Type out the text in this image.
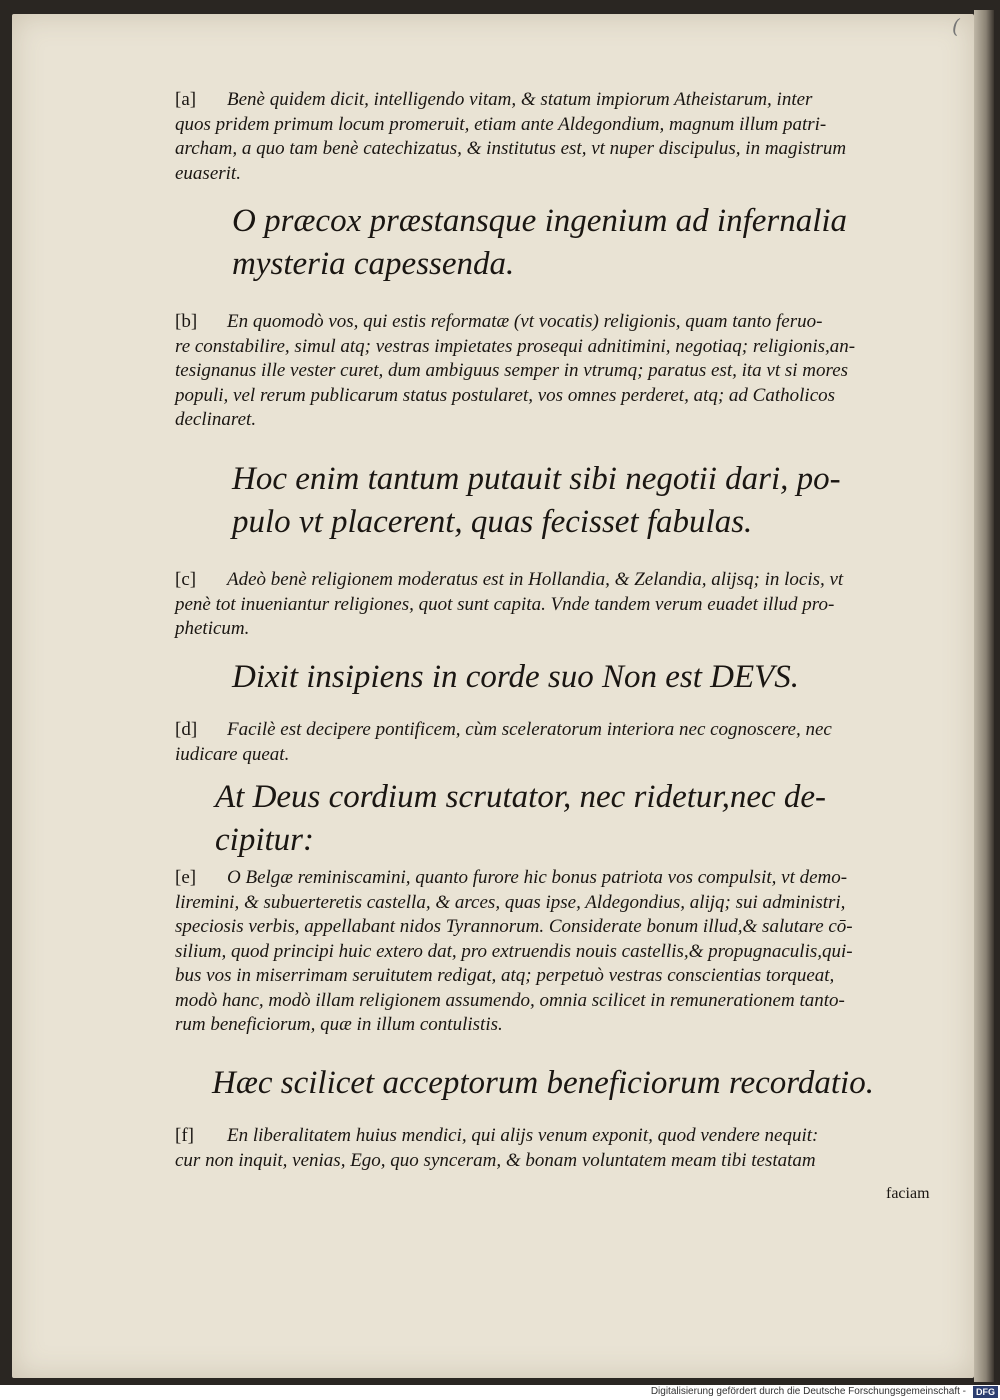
(
[a] Benè quidem dicit, intelligendo vitam, & statum impiorum Atheistarum, inter
quos pridem primum locum promeruit, etiam ante Aldegondium, magnum illum patri-
archam, a quo tam benè catechizatus, & institutus est, vt nuper discipulus, in magistrum
euaserit.
O præcox præstansque ingenium ad infernalia
mysteria capessenda.
[b] En quomodò vos, qui estis reformatæ (vt vocatis) religionis, quam tanto feruo-
re constabilire, simul atq; vestras impietates prosequi adnitimini, negotiaq; religionis,an-
tesignanus ille vester curet, dum ambiguus semper in vtrumq; paratus est, ita vt si mores
populi, vel rerum publicarum status postularet, vos omnes perderet, atq; ad Catholicos
declinaret.
Hoc enim tantum putauit sibi negotii dari, po-
pulo vt placerent, quas fecisset fabulas.
[c] Adeò benè religionem moderatus est in Hollandia, & Zelandia, alijsq; in locis, vt
penè tot inueniantur religiones, quot sunt capita. Vnde tandem verum euadet illud pro-
pheticum.
Dixit insipiens in corde suo Non est DEVS.
[d] Facilè est decipere pontificem, cùm sceleratorum interiora nec cognoscere, nec
iudicare queat.
At Deus cordium scrutator, nec ridetur,nec de-
cipitur:
[e] O Belgæ reminiscamini, quanto furore hic bonus patriota vos compulsit, vt demo-
liremini, & subuerteretis castella, & arces, quas ipse, Aldegondius, alijq; sui administri,
speciosis verbis, appellabant nidos Tyrannorum. Considerate bonum illud,& salutare cō-
silium, quod principi huic extero dat, pro extruendis nouis castellis,& propugnaculis,qui-
bus vos in miserrimam seruitutem redigat, atq; perpetuò vestras conscientias torqueat,
modò hanc, modò illam religionem assumendo, omnia scilicet in remunerationem tanto-
rum beneficiorum, quæ in illum contulistis.
Hæc scilicet acceptorum beneficiorum recordatio.
[f] En liberalitatem huius mendici, qui alijs venum exponit, quod vendere nequit:
cur non inquit, venias, Ego, quo synceram, & bonam voluntatem meam tibi testatam
faciam
Digitalisierung gefördert durch die Deutsche Forschungsgemeinschaft -	DFG
